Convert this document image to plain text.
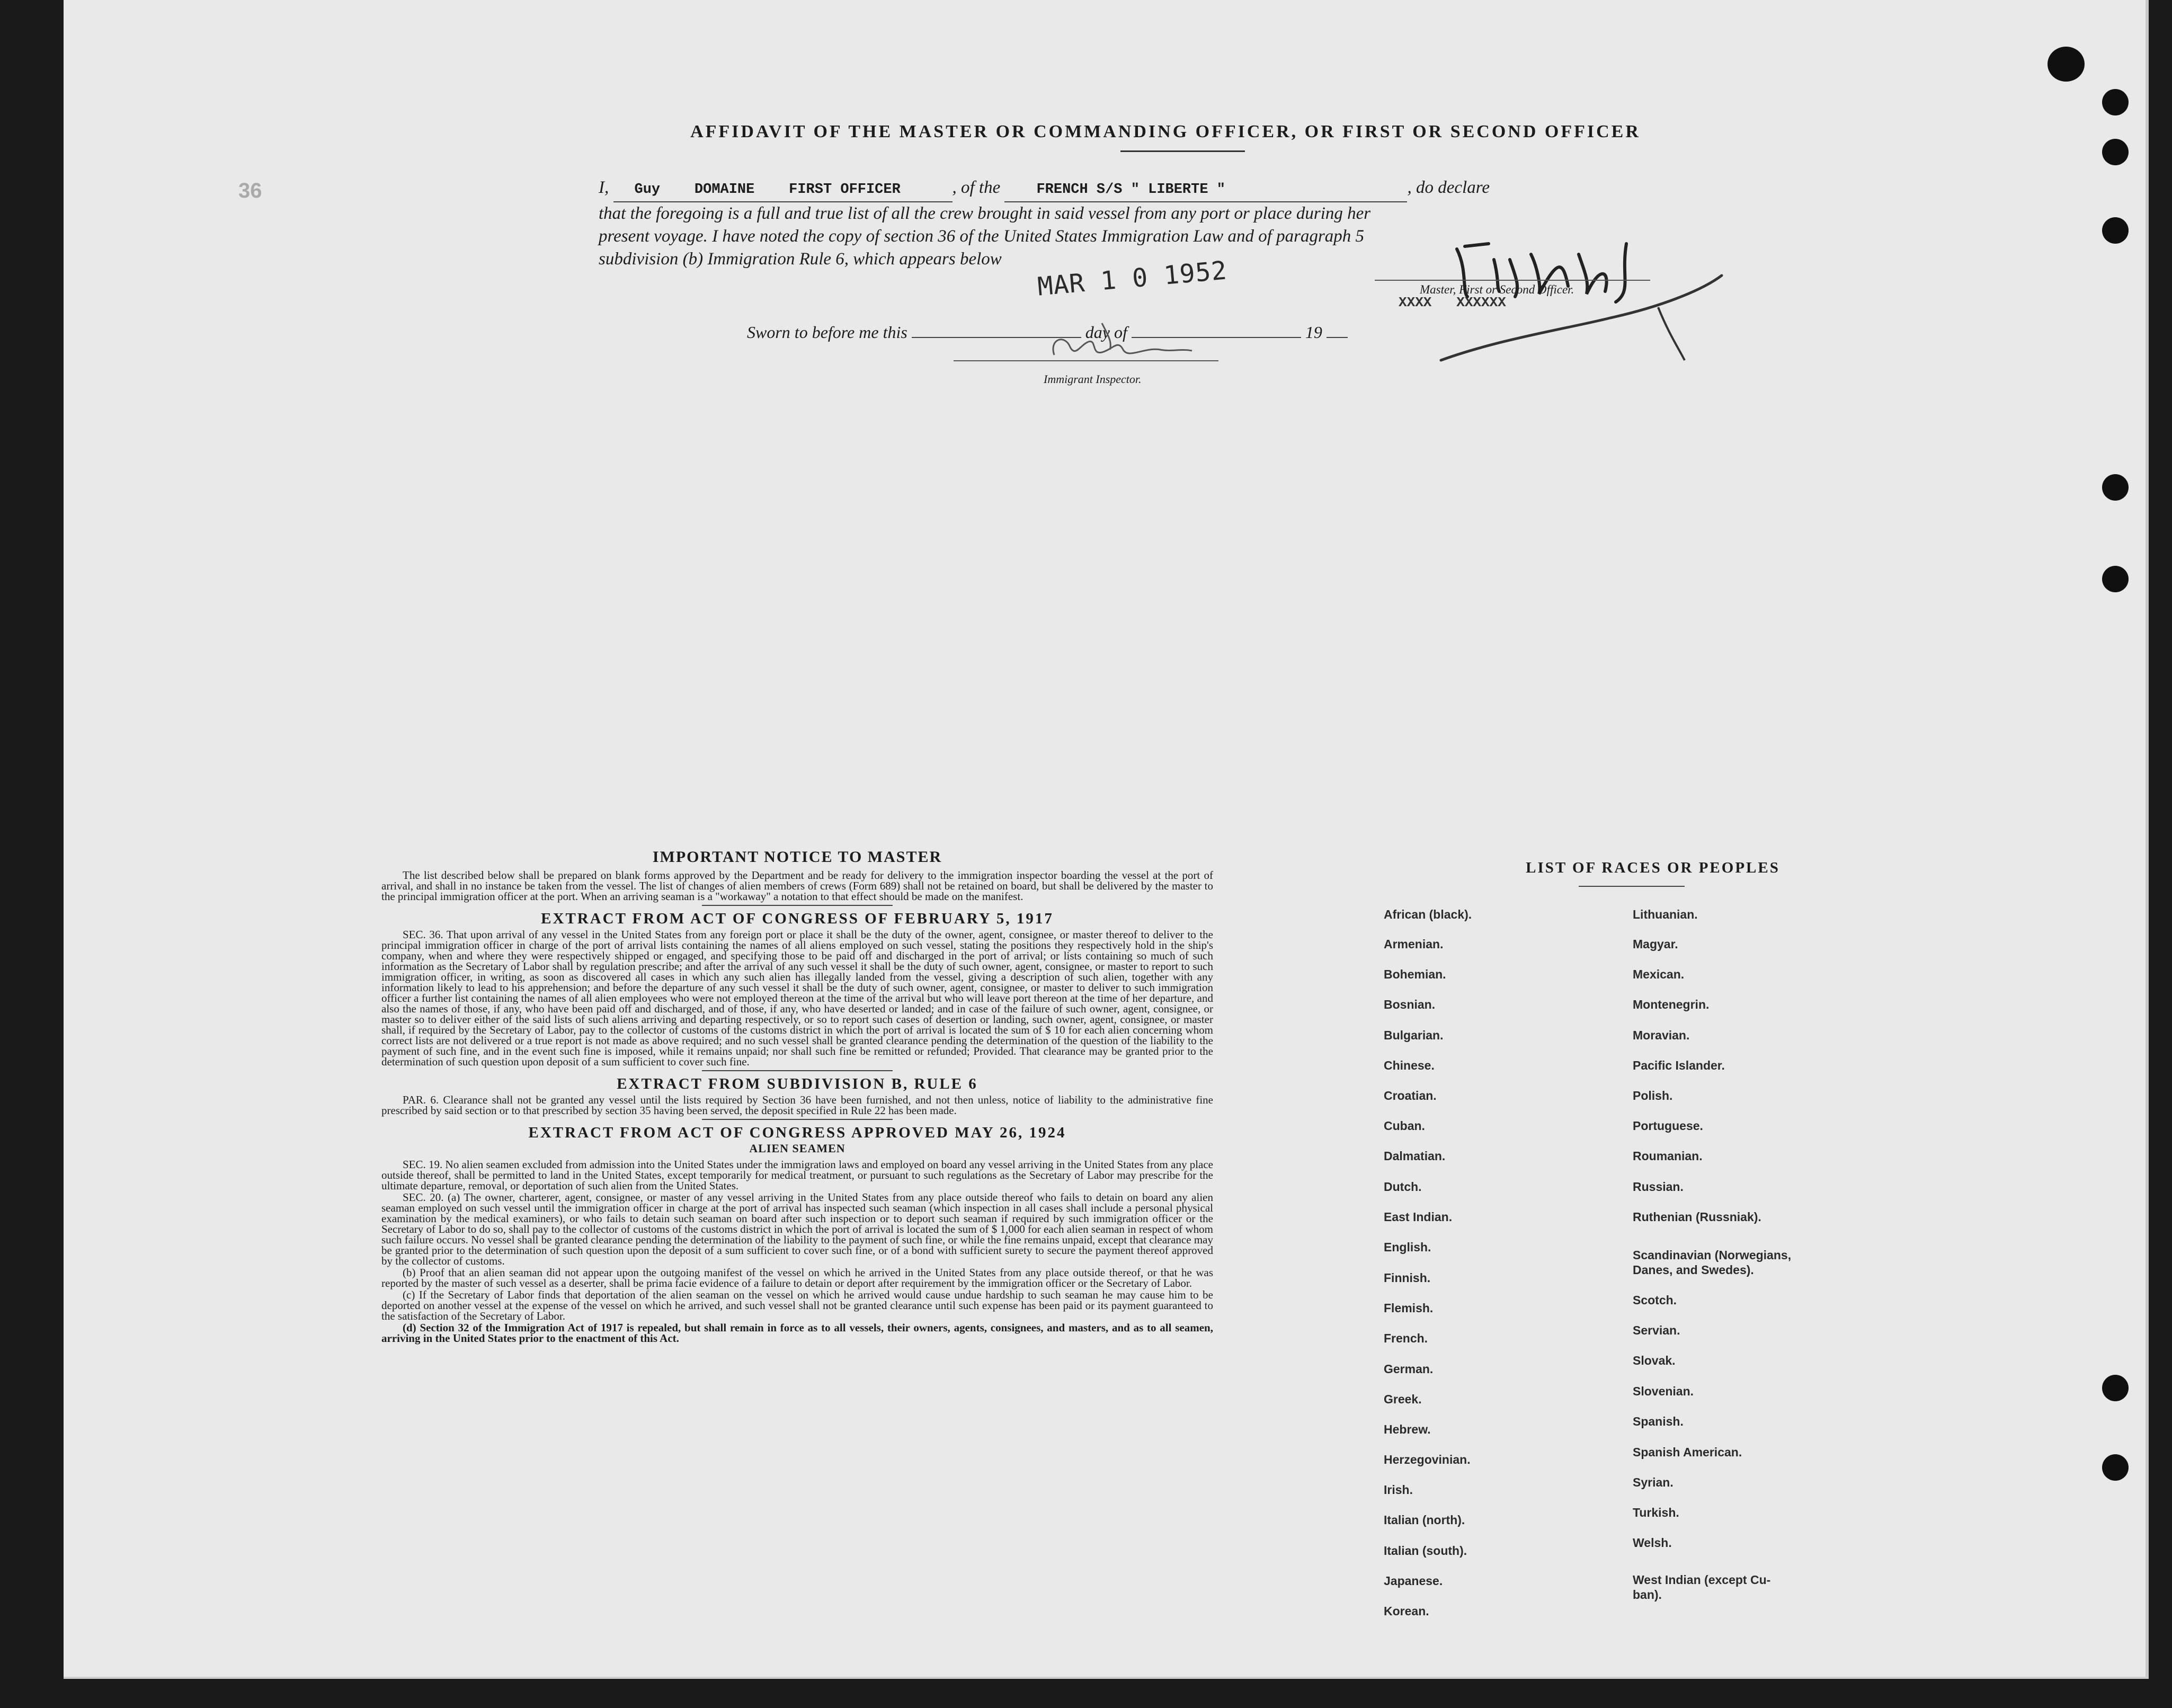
36
AFFIDAVIT OF THE MASTER OR COMMANDING OFFICER, OR FIRST OR SECOND OFFICER
I, Guy    DOMAINE    FIRST OFFICER	, of the	FRENCH S/S " LIBERTE "	, do declare
that the foregoing is a full and true list of all the crew brought in said vessel from any port or place during her
present voyage. I have noted the copy of section 36 of the United States Immigration Law and of paragraph 5
subdivision (b) Immigration Rule 6, which appears below	MAR 1 0 1952	Master, First or Second Officer.
XXXX   XXXXXX
Sworn to before me this	day of	19
Immigrant Inspector.
IMPORTANT NOTICE TO MASTER

The list described below shall be prepared on blank forms approved by the Department and be ready for delivery to the immigration inspector boarding the vessel at the port of arrival, and shall in no instance be taken from the vessel. The list of changes of alien members of crews (Form 689) shall not be retained on board, but shall be delivered by the master to the principal immigration officer at the port. When an arriving seaman is a "workaway" a notation to that effect should be made on the manifest.

EXTRACT FROM ACT OF CONGRESS OF FEBRUARY 5, 1917

SEC. 36. That upon arrival of any vessel in the United States from any foreign port or place it shall be the duty of the owner, agent, consignee, or master thereof to deliver to the principal immigration officer in charge of the port of arrival lists containing the names of all aliens employed on such vessel, stating the positions they respectively hold in the ship's company, when and where they were respectively shipped or engaged, and specifying those to be paid off and discharged in the port of arrival; or lists containing so much of such information as the Secretary of Labor shall by regulation prescribe; and after the arrival of any such vessel it shall be the duty of such owner, agent, consignee, or master to report to such immigration officer, in writing, as soon as discovered all cases in which any such alien has illegally landed from the vessel, giving a description of such alien, together with any information likely to lead to his apprehension; and before the departure of any such vessel it shall be the duty of such owner, agent, consignee, or master to deliver to such immigration officer a further list containing the names of all alien employees who were not employed thereon at the time of the arrival but who will leave port thereon at the time of her departure, and also the names of those, if any, who have been paid off and discharged, and of those, if any, who have deserted or landed; and in case of the failure of such owner, agent, consignee, or master so to deliver either of the said lists of such aliens arriving and departing respectively, or so to report such cases of desertion or landing, such owner, agent, consignee, or master shall, if required by the Secretary of Labor, pay to the collector of customs of the customs district in which the port of arrival is located the sum of $ 10 for each alien concerning whom correct lists are not delivered or a true report is not made as above required; and no such vessel shall be granted clearance pending the determination of the question of the liability to the payment of such fine, and in the event such fine is imposed, while it remains unpaid; nor shall such fine be remitted or refunded; Provided. That clearance may be granted prior to the determination of such question upon deposit of a sum sufficient to cover such fine.

EXTRACT FROM SUBDIVISION B, RULE 6

PAR. 6. Clearance shall not be granted any vessel until the lists required by Section 36 have been furnished, and not then unless, notice of liability to the administrative fine prescribed by said section or to that prescribed by section 35 having been served, the deposit specified in Rule 22 has been made.

EXTRACT FROM ACT OF CONGRESS APPROVED MAY 26, 1924
ALIEN SEAMEN

SEC. 19. No alien seamen excluded from admission into the United States under the immigration laws and employed on board any vessel arriving in the United States from any place outside thereof, shall be permitted to land in the United States, except temporarily for medical treatment, or pursuant to such regulations as the Secretary of Labor may prescribe for the ultimate departure, removal, or deportation of such alien from the United States.

SEC. 20. (a) The owner, charterer, agent, consignee, or master of any vessel arriving in the United States from any place outside thereof who fails to detain on board any alien seaman employed on such vessel until the immigration officer in charge at the port of arrival has inspected such seaman (which inspection in all cases shall include a personal physical examination by the medical examiners), or who fails to detain such seaman on board after such inspection or to deport such seaman if required by such immigration officer or the Secretary of Labor to do so, shall pay to the collector of customs of the customs district in which the port of arrival is located the sum of $ 1,000 for each alien seaman in respect of whom such failure occurs. No vessel shall be granted clearance pending the determination of the liability to the payment of such fine, or while the fine remains unpaid, except that clearance may be granted prior to the determination of such question upon the deposit of a sum sufficient to cover such fine, or of a bond with sufficient surety to secure the payment thereof approved by the collector of customs.

(b) Proof that an alien seaman did not appear upon the outgoing manifest of the vessel on which he arrived in the United States from any place outside thereof, or that he was reported by the master of such vessel as a deserter, shall be prima facie evidence of a failure to detain or deport after requirement by the immigration officer or the Secretary of Labor.

(c) If the Secretary of Labor finds that deportation of the alien seaman on the vessel on which he arrived would cause undue hardship to such seaman he may cause him to be deported on another vessel at the expense of the vessel on which he arrived, and such vessel shall not be granted clearance until such expense has been paid or its payment guaranteed to the satisfaction of the Secretary of Labor.

(d) Section 32 of the Immigration Act of 1917 is repealed, but shall remain in force as to all vessels, their owners, agents, consignees, and masters, and as to all seamen, arriving in the United States prior to the enactment of this Act.

LIST OF RACES OR PEOPLES
African (black).
Armenian.
Bohemian.
Bosnian.
Bulgarian.
Chinese.
Croatian.
Cuban.
Dalmatian.
Dutch.
East Indian.
English.
Finnish.
Flemish.
French.
German.
Greek.
Hebrew.
Herzegovinian.
Irish.
Italian (north).
Italian (south).
Japanese.
Korean.
Lithuanian.
Magyar.
Mexican.
Montenegrin.
Moravian.
Pacific Islander.
Polish.
Portuguese.
Roumanian.
Russian.
Ruthenian (Russniak).
Scandinavian (Norwegians,
Danes, and Swedes).
Scotch.
Servian.
Slovak.
Slovenian.
Spanish.
Spanish American.
Syrian.
Turkish.
Welsh.
West Indian (except Cu-
ban).
